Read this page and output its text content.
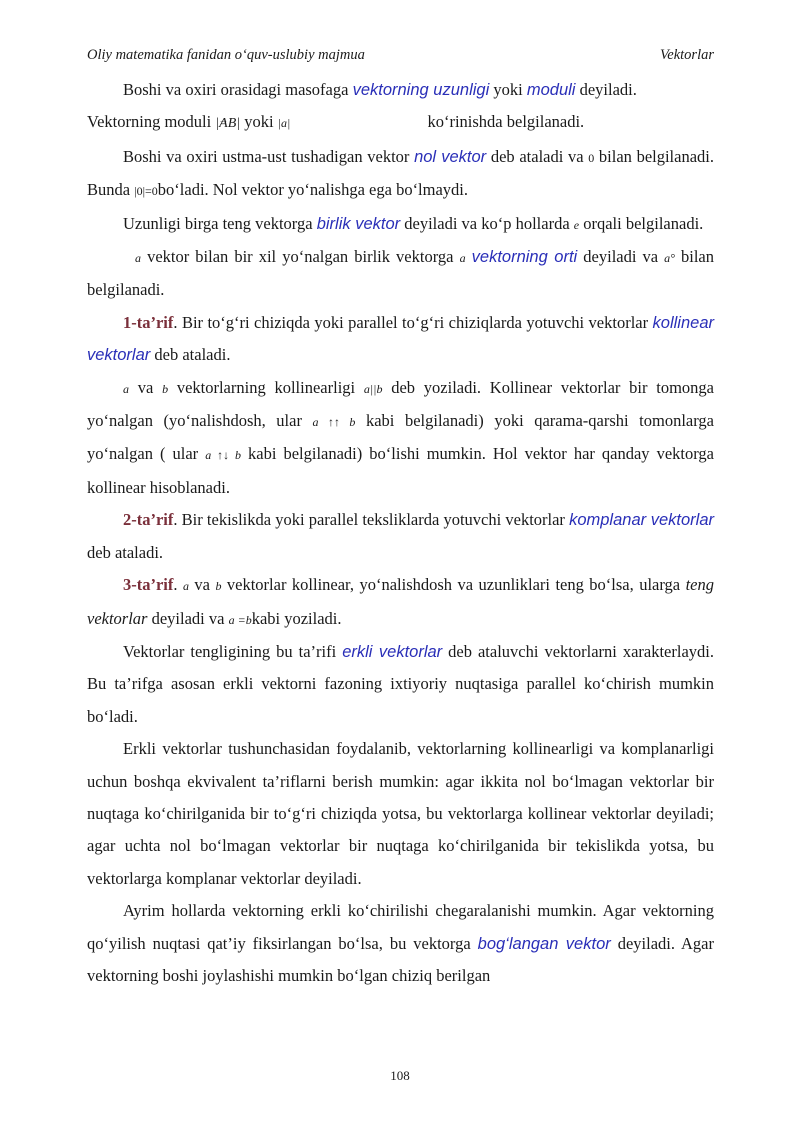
Oliy matematika fanidan o‘quv-uslubiy majmua	Vektorlar

Boshi va oxiri orasidagi masofaga vektorning uzunligi yoki moduli deyiladi.

Vektorning moduli → |AB| yoki |a|	ko‘rinishda belgilanadi.

Boshi va oxiri ustma-ust tushadigan vektor nol vektor deb ataladi va 0 bilan belgilanadi. Bunda |0|=0bo‘ladi. Nol vektor yo‘nalishga ega bo‘lmaydi.

Uzunligi birga teng vektorga birlik vektor deyiladi va ko‘p hollarda e orqali belgilanadi.

a vektor bilan bir xil yo‘nalgan birlik vektorga a vektorning orti deyiladi va a° bilan belgilanadi.

1-ta’rif. Bir to‘g‘ri chiziqda yoki parallel to‘g‘ri chiziqlarda yotuvchi vektorlar kollinear vektorlar deb ataladi.

a va b vektorlarning kollinearligi a||b deb yoziladi. Kollinear vektorlar bir tomonga yo‘nalgan (yo‘nalishdosh, ular a ↑↑ b kabi belgilanadi) yoki qarama-qarshi tomonlarga yo‘nalgan ( ular a ↑↓ b kabi belgilanadi) bo‘lishi mumkin. Hol vektor har qanday vektorga kollinear hisoblanadi.

2-ta’rif. Bir tekislikda yoki parallel teksliklarda yotuvchi vektorlar komplanar vektorlar deb ataladi.

3-ta’rif. a va b vektorlar kollinear, yo‘nalishdosh va uzunliklari teng bo‘lsa, ularga teng vektorlar deyiladi va a =bkabi yoziladi.

Vektorlar tengligining bu ta’rifi erkli vektorlar deb ataluvchi vektorlarni xarakterlaydi. Bu ta’rifga asosan erkli vektorni fazoning ixtiyoriy nuqtasiga parallel ko‘chirish mumkin bo‘ladi.

Erkli vektorlar tushunchasidan foydalanib, vektorlarning kollinearligi va komplanarligi uchun boshqa ekvivalent ta’riflarni berish mumkin: agar ikkita nol bo‘lmagan vektorlar bir nuqtaga ko‘chirilganida bir to‘g‘ri chiziqda yotsa, bu vektorlarga kollinear vektorlar deyiladi; agar uchta nol bo‘lmagan vektorlar bir nuqtaga ko‘chirilganida bir tekislikda yotsa, bu vektorlarga komplanar vektorlar deyiladi.

Ayrim hollarda vektorning erkli ko‘chirilishi chegaralanishi mumkin. Agar vektorning qo‘yilish nuqtasi qat’iy fiksirlangan bo‘lsa, bu vektorga bog‘langan vektor deyiladi. Agar vektorning boshi joylashishi mumkin bo‘lgan chiziq berilgan

108
